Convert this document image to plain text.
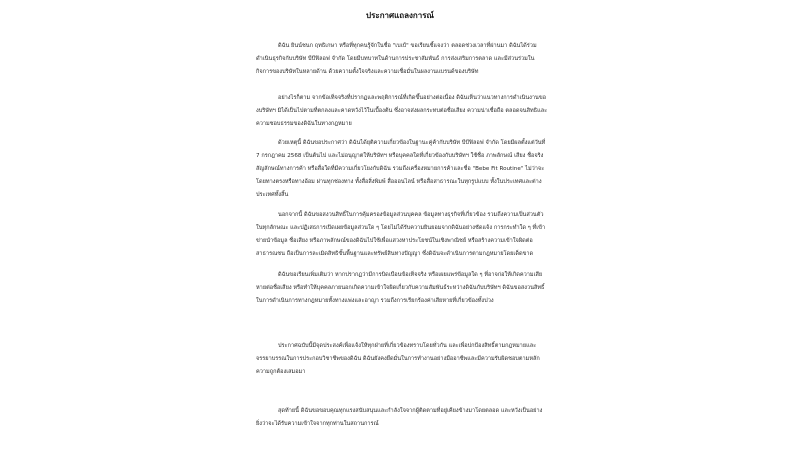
ประกาศแถลงการณ์

ดิฉัน ยินน์ชนก ฤทธิเกษา หรือที่ทุกคนรู้จักในชื่อ "เบเบ้" ขอเรียนชี้แจงว่า ตลอดช่วงเวลาที่ผ่านมา ดิฉันได้ร่วมดำเนินธุรกิจกับบริษัท บีบีฟิลอฟ จำกัด โดยมีบทบาทในด้านการประชาสัมพันธ์ การส่งเสริมการตลาด และมีส่วนร่วมในกิจการของบริษัทในหลายด้าน ด้วยความตั้งใจจริงและความเชื่อมั่นในผลงานแบรนด์ของบริษัท

อย่างไรก็ตาม จากข้อเท็จจริงที่ปรากฏและพฤติการณ์ที่เกิดขึ้นอย่างต่อเนื่อง ดิฉันเห็นว่าแนวทางการดำเนินงานของบริษัทฯ มิได้เป็นไปตามที่ตกลงและคาดหวังไว้ในเบื้องต้น ซึ่งอาจส่งผลกระทบต่อชื่อเสียง ความน่าเชื่อถือ ตลอดจนสิทธิและความชอบธรรมของดิฉันในทางกฎหมาย

ด้วยเหตุนี้ ดิฉันขอประกาศว่า ดิฉันได้ยุติความเกี่ยวข้องในฐานะคู่ค้ากับบริษัท บีบีฟิลอฟ จำกัด โดยมีผลตั้งแต่วันที่ 7 กรกฎาคม 2568 เป็นต้นไป และไม่อนุญาตให้บริษัทฯ หรือบุคคลใดที่เกี่ยวข้องกับบริษัทฯ ใช้ชื่อ ภาพลักษณ์ เสียง ชื่อจริง สัญลักษณ์ทางการค้า หรือสื่อใดที่มีความเกี่ยวโยงกับดิฉัน รวมถึงเครื่องหมายการค้าและชื่อ "Bebe Fit Routine" ไม่ว่าจะโดยทางตรงหรือทางอ้อม ผ่านทุกช่องทาง ทั้งสื่อสิ่งพิมพ์ สื่อออนไลน์ หรือสื่อสาธารณะในทุกรูปแบบ ทั้งในประเทศและต่างประเทศทั้งสิ้น

นอกจากนี้ ดิฉันขอสงวนสิทธิ์ในการคุ้มครองข้อมูลส่วนบุคคล ข้อมูลทางธุรกิจที่เกี่ยวข้อง รวมถึงความเป็นส่วนตัวในทุกลักษณะ และปฏิเสธการเปิดเผยข้อมูลส่วนใด ๆ โดยไม่ได้รับความยินยอมจากดิฉันอย่างชัดแจ้ง การกระทำใด ๆ ที่เข้าข่ายนำข้อมูล ชื่อเสียง หรือภาพลักษณ์ของดิฉันไปใช้เพื่อแสวงหาประโยชน์ในเชิงพาณิชย์ หรือสร้างความเข้าใจผิดต่อสาธารณชน ถือเป็นการละเมิดสิทธิขั้นพื้นฐานและทรัพย์สินทางปัญญา ซึ่งดิฉันจะดำเนินการตามกฎหมายโดยเด็ดขาด

ดิฉันขอเรียนเพิ่มเติมว่า หากปรากฏว่ามีการบิดเบือนข้อเท็จจริง หรือเผยแพร่ข้อมูลใด ๆ ที่อาจก่อให้เกิดความเสียหายต่อชื่อเสียง หรือทำให้บุคคลภายนอกเกิดความเข้าใจผิดเกี่ยวกับความสัมพันธ์ระหว่างดิฉันกับบริษัทฯ ดิฉันขอสงวนสิทธิ์ในการดำเนินการทางกฎหมายทั้งทางแพ่งและอาญา รวมถึงการเรียกร้องค่าเสียหายที่เกี่ยวข้องทั้งปวง

ประกาศฉบับนี้มีจุดประสงค์เพื่อแจ้งให้ทุกฝ่ายที่เกี่ยวข้องทราบโดยทั่วกัน และเพื่อปกป้องสิทธิ์ตามกฎหมายและจรรยาบรรณในการประกอบวิชาชีพของดิฉัน ดิฉันยังคงยึดมั่นในการทำงานอย่างมืออาชีพและมีความรับผิดชอบตามหลักความถูกต้องเสมอมา

สุดท้ายนี้ ดิฉันขอขอบคุณทุกแรงสนับสนุนและกำลังใจจากผู้ติดตามที่อยู่เคียงข้างมาโดยตลอด และหวังเป็นอย่างยิ่งว่าจะได้รับความเข้าใจจากทุกท่านในสถานการณ์
